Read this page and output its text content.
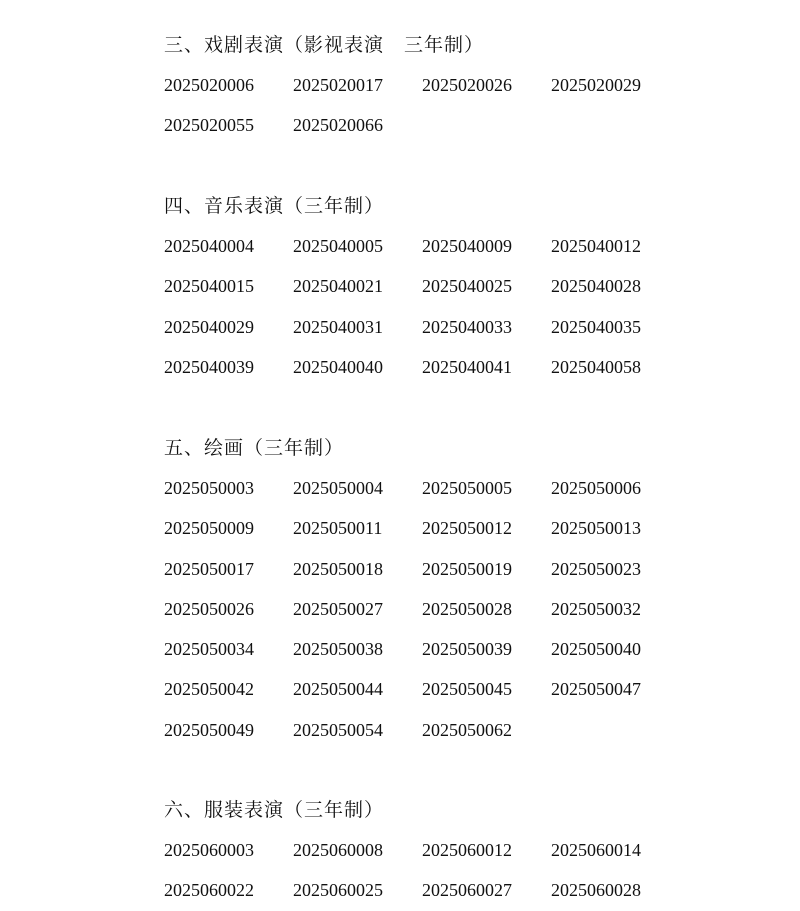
三、戏剧表演（影视表演　三年制）
2025020006	2025020017	2025020026	2025020029
2025020055	2025020066
四、音乐表演（三年制）
2025040004	2025040005	2025040009	2025040012
2025040015	2025040021	2025040025	2025040028
2025040029	2025040031	2025040033	2025040035
2025040039	2025040040	2025040041	2025040058
五、绘画（三年制）
2025050003	2025050004	2025050005	2025050006
2025050009	2025050011	2025050012	2025050013
2025050017	2025050018	2025050019	2025050023
2025050026	2025050027	2025050028	2025050032
2025050034	2025050038	2025050039	2025050040
2025050042	2025050044	2025050045	2025050047
2025050049	2025050054	2025050062
六、服装表演（三年制）
2025060003	2025060008	2025060012	2025060014
2025060022	2025060025	2025060027	2025060028
